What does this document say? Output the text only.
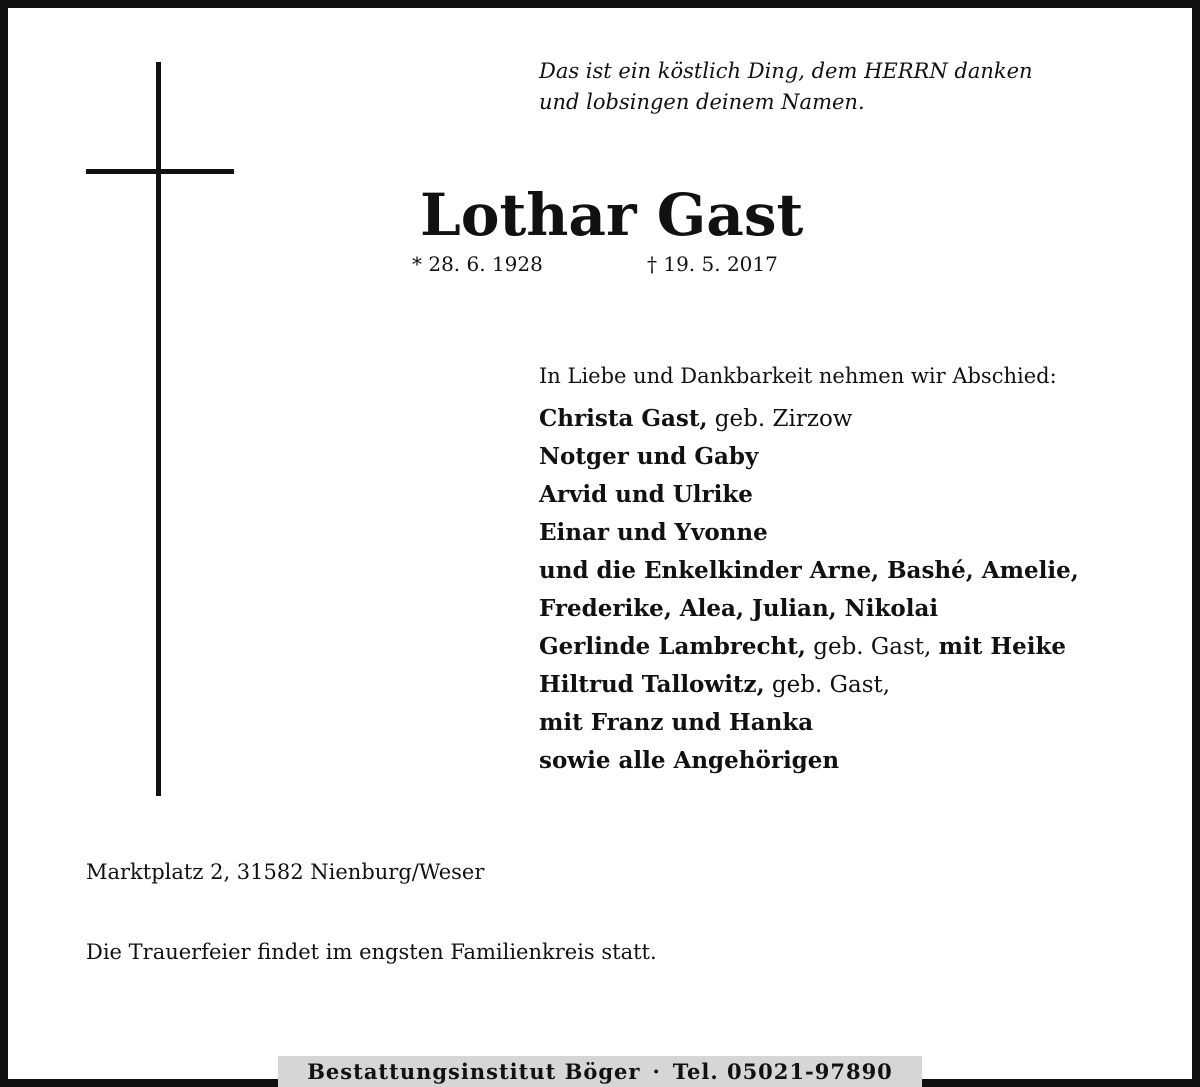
Das ist ein köstlich Ding, dem HERRN danken
und lobsingen deinem Namen.
Lothar Gast
* 28. 6. 1928	† 19. 5. 2017
In Liebe und Dankbarkeit nehmen wir Abschied:
Christa Gast, geb. Zirzow
Notger und Gaby
Arvid und Ulrike
Einar und Yvonne
und die Enkelkinder Arne, Bashé, Amelie,
Frederike, Alea, Julian, Nikolai
Gerlinde Lambrecht, geb. Gast, mit Heike
Hiltrud Tallowitz, geb. Gast,
mit Franz und Hanka
sowie alle Angehörigen
Marktplatz 2, 31582 Nienburg/Weser
Die Trauerfeier findet im engsten Familienkreis statt.
Bestattungsinstitut Böger · Tel. 05021-97890
